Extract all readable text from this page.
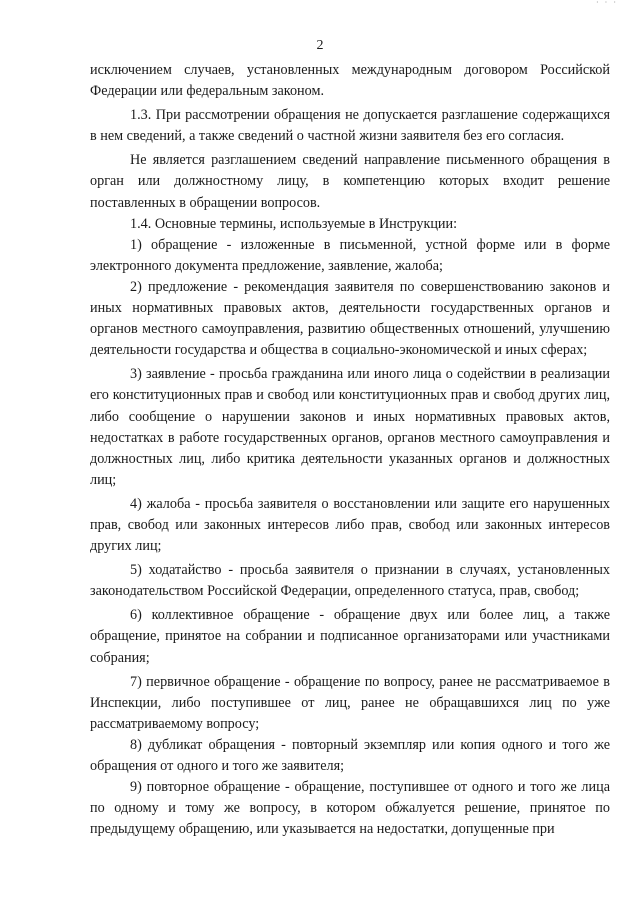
· · ·
2

исключением случаев, установленных международным договором Российской Федерации или федеральным законом.

1.3. При рассмотрении обращения не допускается разглашение содержащихся в нем сведений, а также сведений о частной жизни заявителя без его согласия.

Не является разглашением сведений направление письменного обращения в орган или должностному лицу, в компетенцию которых входит решение поставленных в обращении вопросов.

1.4. Основные термины, используемые в Инструкции:

1) обращение - изложенные в письменной, устной форме или в форме электронного документа предложение, заявление, жалоба;

2) предложение - рекомендация заявителя по совершенствованию законов и иных нормативных правовых актов, деятельности государственных органов и органов местного самоуправления, развитию общественных отношений, улучшению деятельности государства и общества в социально-экономической и иных сферах;

3) заявление - просьба гражданина или иного лица о содействии в реализации его конституционных прав и свобод или конституционных прав и свобод других лиц, либо сообщение о нарушении законов и иных нормативных правовых актов, недостатках в работе государственных органов, органов местного самоуправления и должностных лиц, либо критика деятельности указанных органов и должностных лиц;

4) жалоба - просьба заявителя о восстановлении или защите его нарушенных прав, свобод или законных интересов либо прав, свобод или законных интересов других лиц;

5) ходатайство - просьба заявителя о признании в случаях, установленных законодательством Российской Федерации, определенного статуса, прав, свобод;

6) коллективное обращение - обращение двух или более лиц, а также обращение, принятое на собрании и подписанное организаторами или участниками собрания;

7) первичное обращение - обращение по вопросу, ранее не рассматриваемое в Инспекции, либо поступившее от лиц, ранее не обращавшихся лиц по уже рассматриваемому вопросу;

8) дубликат обращения - повторный экземпляр или копия одного и того же обращения от одного и того же заявителя;

9) повторное обращение - обращение, поступившее от одного и того же лица по одному и тому же вопросу, в котором обжалуется решение, принятое по предыдущему обращению, или указывается на недостатки, допущенные при
